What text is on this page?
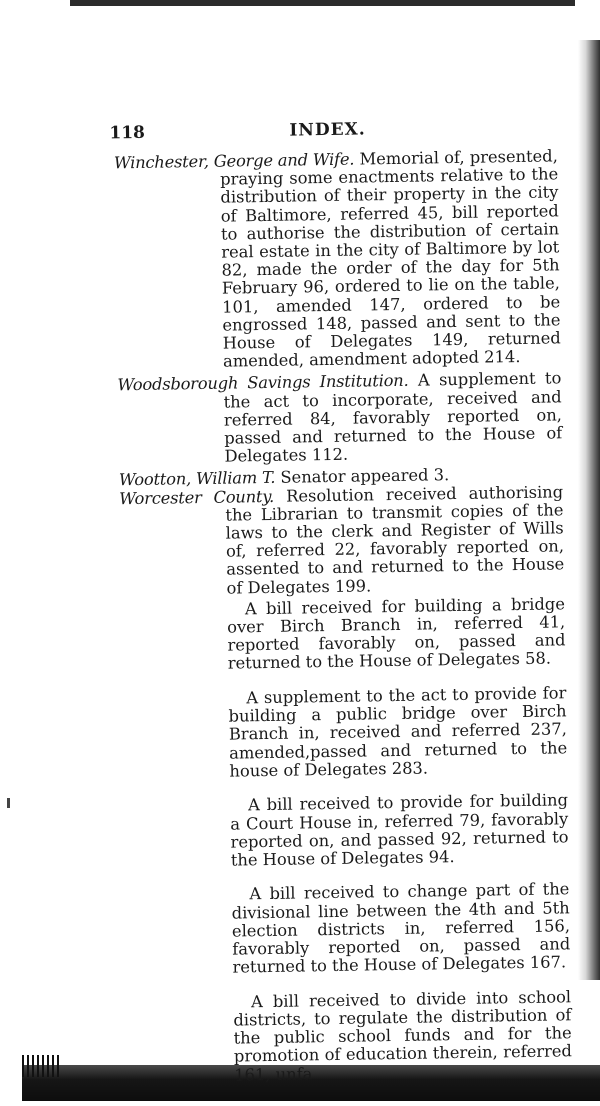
118	INDEX.

Winchester, George and Wife. Memorial of, presented, praying some enactments relative to the distribution of their property in the city of Baltimore, referred 45, bill reported to authorise the distribution of certain real estate in the city of Baltimore by lot 82, made the order of the day for 5th February 96, ordered to lie on the table, 101, amended 147, ordered to be engrossed 148, passed and sent to the House of Delegates 149, returned amended, amendment adopted 214.

Woodsborough Savings Institution. A supplement to the act to incorporate, received and referred 84, favorably reported on, passed and returned to the House of Delegates 112.

Wootton, William T. Senator appeared 3.

Worcester County. Resolution received authorising the Librarian to transmit copies of the laws to the clerk and Register of Wills of, referred 22, favorably reported on, assented to and returned to the House of Delegates 199.

A bill received for building a bridge over Birch Branch in, referred 41, reported favorably on, passed and returned to the House of Delegates 58.

A supplement to the act to provide for building a public bridge over Birch Branch in, received and referred 237, amended,passed and returned to the house of Delegates 283.

A bill received to provide for building a Court House in, referred 79, favorably reported on, and passed 92, returned to the House of Delegates 94.

A bill received to change part of the divisional line between the 4th and 5th election districts in, referred 156, favorably reported on, passed and returned to the House of Delegates 167.

A bill received to divide into school districts, to regulate the distribution of the public school funds and for the promotion of education therein, referred 161, unfa
